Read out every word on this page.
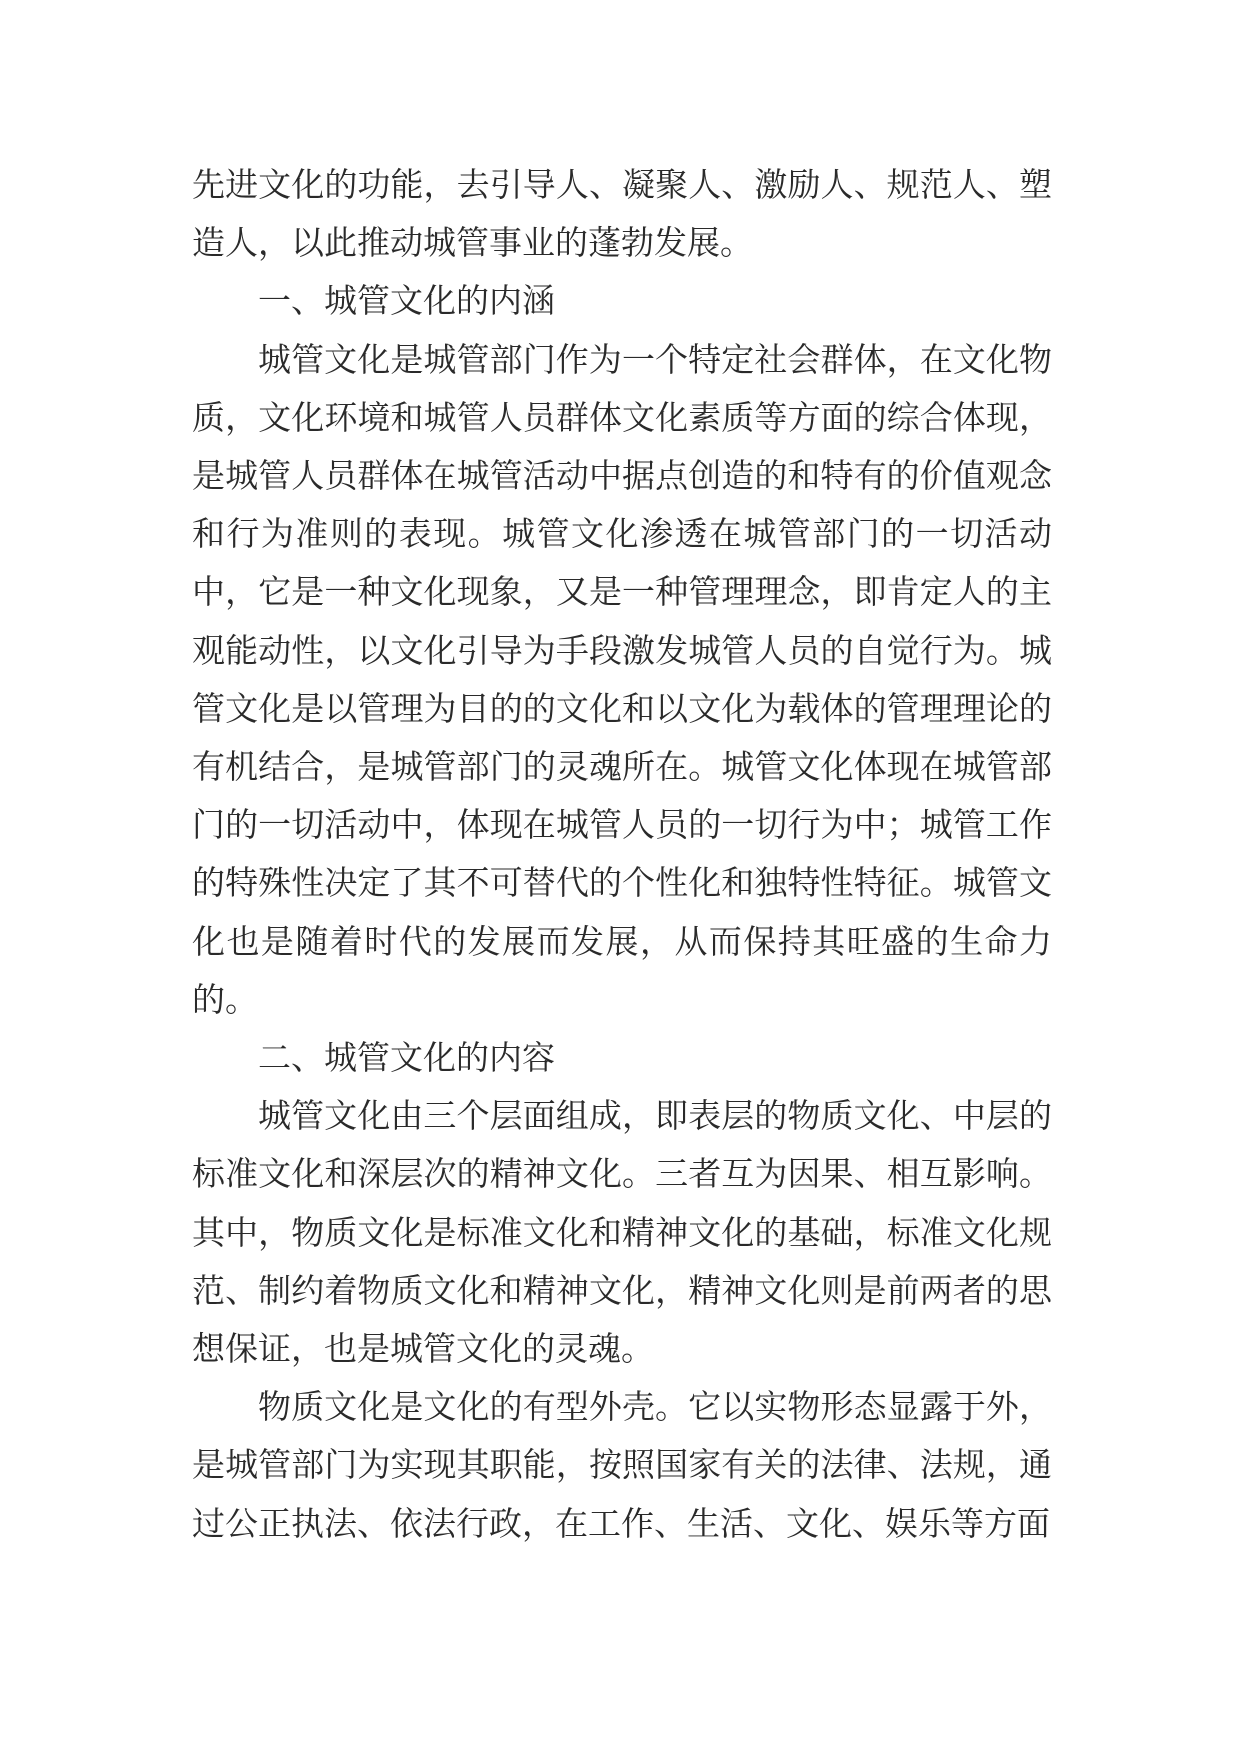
先进文化的功能，去引导人、凝聚人、激励人、规范人、塑造人，以此推动城管事业的蓬勃发展。

一、城管文化的内涵

城管文化是城管部门作为一个特定社会群体，在文化物质，文化环境和城管人员群体文化素质等方面的综合体现，是城管人员群体在城管活动中据点创造的和特有的价值观念和行为准则的表现。城管文化渗透在城管部门的一切活动中，它是一种文化现象，又是一种管理理念，即肯定人的主观能动性，以文化引导为手段激发城管人员的自觉行为。城管文化是以管理为目的的文化和以文化为载体的管理理论的有机结合，是城管部门的灵魂所在。城管文化体现在城管部门的一切活动中，体现在城管人员的一切行为中；城管工作的特殊性决定了其不可替代的个性化和独特性特征。城管文化也是随着时代的发展而发展，从而保持其旺盛的生命力的。

二、城管文化的内容

城管文化由三个层面组成，即表层的物质文化、中层的标准文化和深层次的精神文化。三者互为因果、相互影响。其中，物质文化是标准文化和精神文化的基础，标准文化规范、制约着物质文化和精神文化，精神文化则是前两者的思想保证，也是城管文化的灵魂。

物质文化是文化的有型外壳。它以实物形态显露于外，是城管部门为实现其职能，按照国家有关的法律、法规，通过公正执法、依法行政，在工作、生活、文化、娱乐等方面
